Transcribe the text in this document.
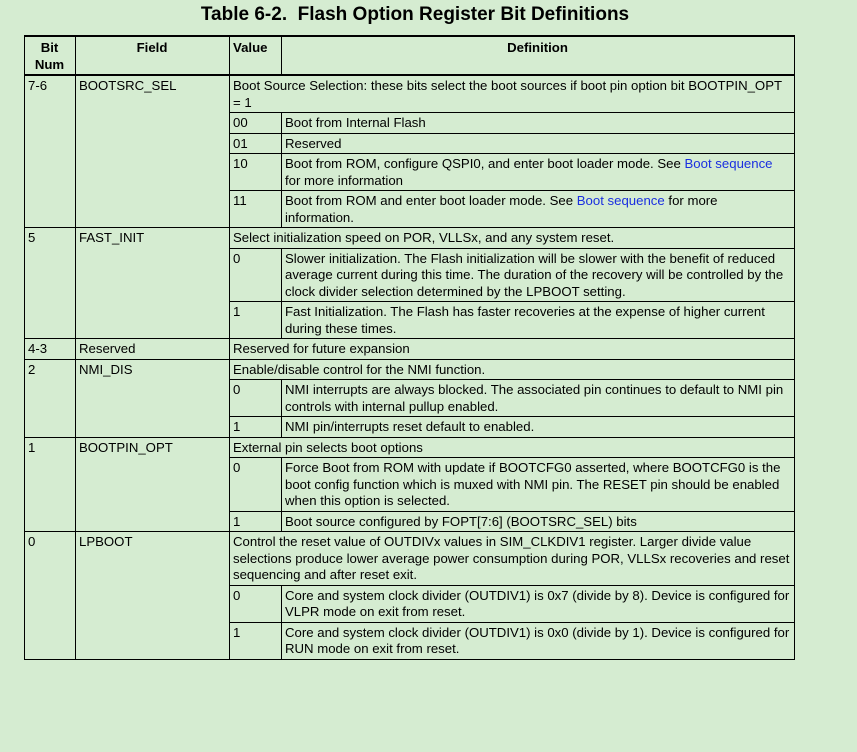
Table 6-2. Flash Option Register Bit Definitions
Bit Num	Field	Value	Definition
7-6	BOOTSRC_SEL	Boot Source Selection: these bits select the boot sources if boot pin option bit BOOTPIN_OPT = 1	
		00	Boot from Internal Flash
		01	Reserved
		10	Boot from ROM, configure QSPI0, and enter boot loader mode. See Boot sequence for more information
		11	Boot from ROM and enter boot loader mode. See Boot sequence for more information.
5	FAST_INIT	Select initialization speed on POR, VLLSx, and any system reset.	
		0	Slower initialization. The Flash initialization will be slower with the benefit of reduced average current during this time. The duration of the recovery will be controlled by the clock divider selection determined by the LPBOOT setting.
		1	Fast Initialization. The Flash has faster recoveries at the expense of higher current during these times.
4-3	Reserved	Reserved for future expansion	
2	NMI_DIS	Enable/disable control for the NMI function.	
		0	NMI interrupts are always blocked. The associated pin continues to default to NMI pin controls with internal pullup enabled.
		1	NMI pin/interrupts reset default to enabled.
1	BOOTPIN_OPT	External pin selects boot options	
		0	Force Boot from ROM with update if BOOTCFG0 asserted, where BOOTCFG0 is the boot config function which is muxed with NMI pin. The RESET pin should be enabled when this option is selected.
		1	Boot source configured by FOPT[7:6] (BOOTSRC_SEL) bits
0	LPBOOT	Control the reset value of OUTDIVx values in SIM_CLKDIV1 register. Larger divide value selections produce lower average power consumption during POR, VLLSx recoveries and reset sequencing and after reset exit.	
		0	Core and system clock divider (OUTDIV1) is 0x7 (divide by 8). Device is configured for VLPR mode on exit from reset.
		1	Core and system clock divider (OUTDIV1) is 0x0 (divide by 1). Device is configured for RUN mode on exit from reset.
